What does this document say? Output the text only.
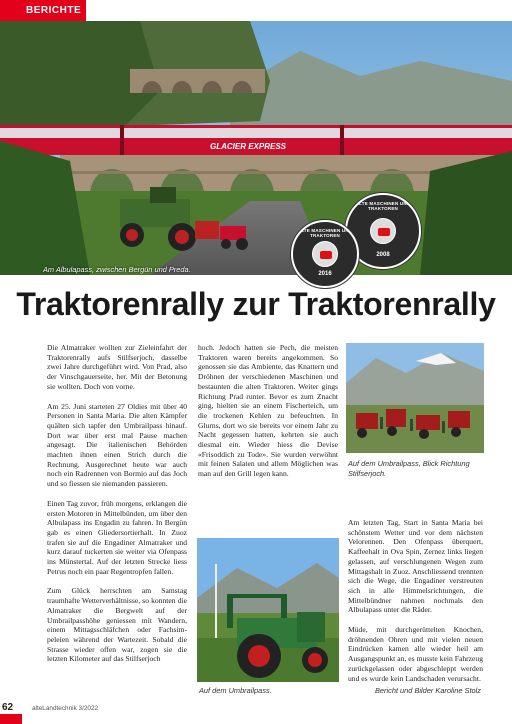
BERICHTE
GLACIER EXPRESS
Am Albulapass, zwischen Bergün und Preda.
ALTE MASCHINEN UND TRAKTOREN
2008
ALTE MASCHINEN UND TRAKTOREN
2016
Traktorenrally zur Traktorenrally

Die Almatraker wollten zur Zieleinfahrt der Traktorenrally aufs Stilfserjoch, dasselbe zwei Jahre durchgeführt wird. Von Prad, also der Vinschgauerseite, her. Mit der Betonung sie wollten. Doch von vorne.

Am 25. Juni starteten 27 Oldies mit über 40 Personen in Santa Maria. Die alten Kämpfer quälten sich tapfer den Umbrailpass hinauf. Dort war über erst mal Pause machen angesagt. Die italienischen Behörden machten ihnen einen Strich durch die Rechnung. Ausgerechnet heute war auch noch ein Radrennen von Bormio auf das Joch und so fiessen sie niemanden passieren.

Einen Tag zuvor, früh morgens, erklangen die ersten Motoren in Mittelbünden, um über den Albulapass ins Engadin zu fahren. In Bergün gab es einen Gliedersortierhalt. In Zuoz trafen sie auf die Engadiner Almatraker und kurz darauf tuckerten sie weiter via Ofenpass ins Münstertal. Auf der letzten Strecke liess Petrus noch ein paar Regentropfen fallen.

Zum Glück herrschten am Samstag traumhafte Wetterverhältnisse, so konnten die Almatraker die Bergwelt auf der Umbrailpasshöhe geniessen mit Wandern, einem Mittagsschläfchen oder Fachsimpeleien während der Wartezeit. Sobald die Strasse wieder offen war, zogen sie die letzten Kilometer auf das Stilfserjoch

hoch. Jedoch hatten sie Pech, die meisten Traktoren waren bereits angekommen. So genossen sie das Ambiente, das Knattern und Dröhnen der verschiedenen Maschinen und bestaunten die alten Traktoren. Weiter gings Richtung Prad runter. Bevor es zum Znacht ging, hielten sie an einem Fischerteich, um die trockenen Kehlen zu befeuchten. In Glurns, dort wo sie bereits vor einem Jahr zu Nacht gegessen hatten, kehrten sie auch diesmal ein. Wieder hiess die Devise «Frisoddich zu Tode». Sie wurden verwöhnt mit feinen Salaten und allem Möglichen was man auf den Grill legen kann.

Auf dem Umbrailpass, Blick Richtung Stilfserjoch.
Auf dem Umbrailpass.

Am letzten Tag, Start in Santa Maria bei schönstem Wetter und vor dem nächsten Velorennen. Den Ofenpass überquert, Kaffeehalt in Ova Spin, Zernez links liegen gelassen, auf verschlungenen Wegen zum Mittagshalt in Zuoz. Anschliessend trennten sich die Wege, die Engadiner verstreuten sich in alle Himmelsrichtungen, die Mittelbündner nahmen nochmals den Albulapass unter die Räder.

Müde, mit durchgerüttelten Knochen, dröhnenden Ohren und mit vielen neuen Eindrücken kamen alle wieder heil am Ausgangspunkt an, es musste kein Fahrzeug zurückgelassen oder abgeschleppt werden und es wurde kein Landschaden verursacht.

Bericht und Bilder Karoline Stolz
62	alteLandtechnik 3/2022
